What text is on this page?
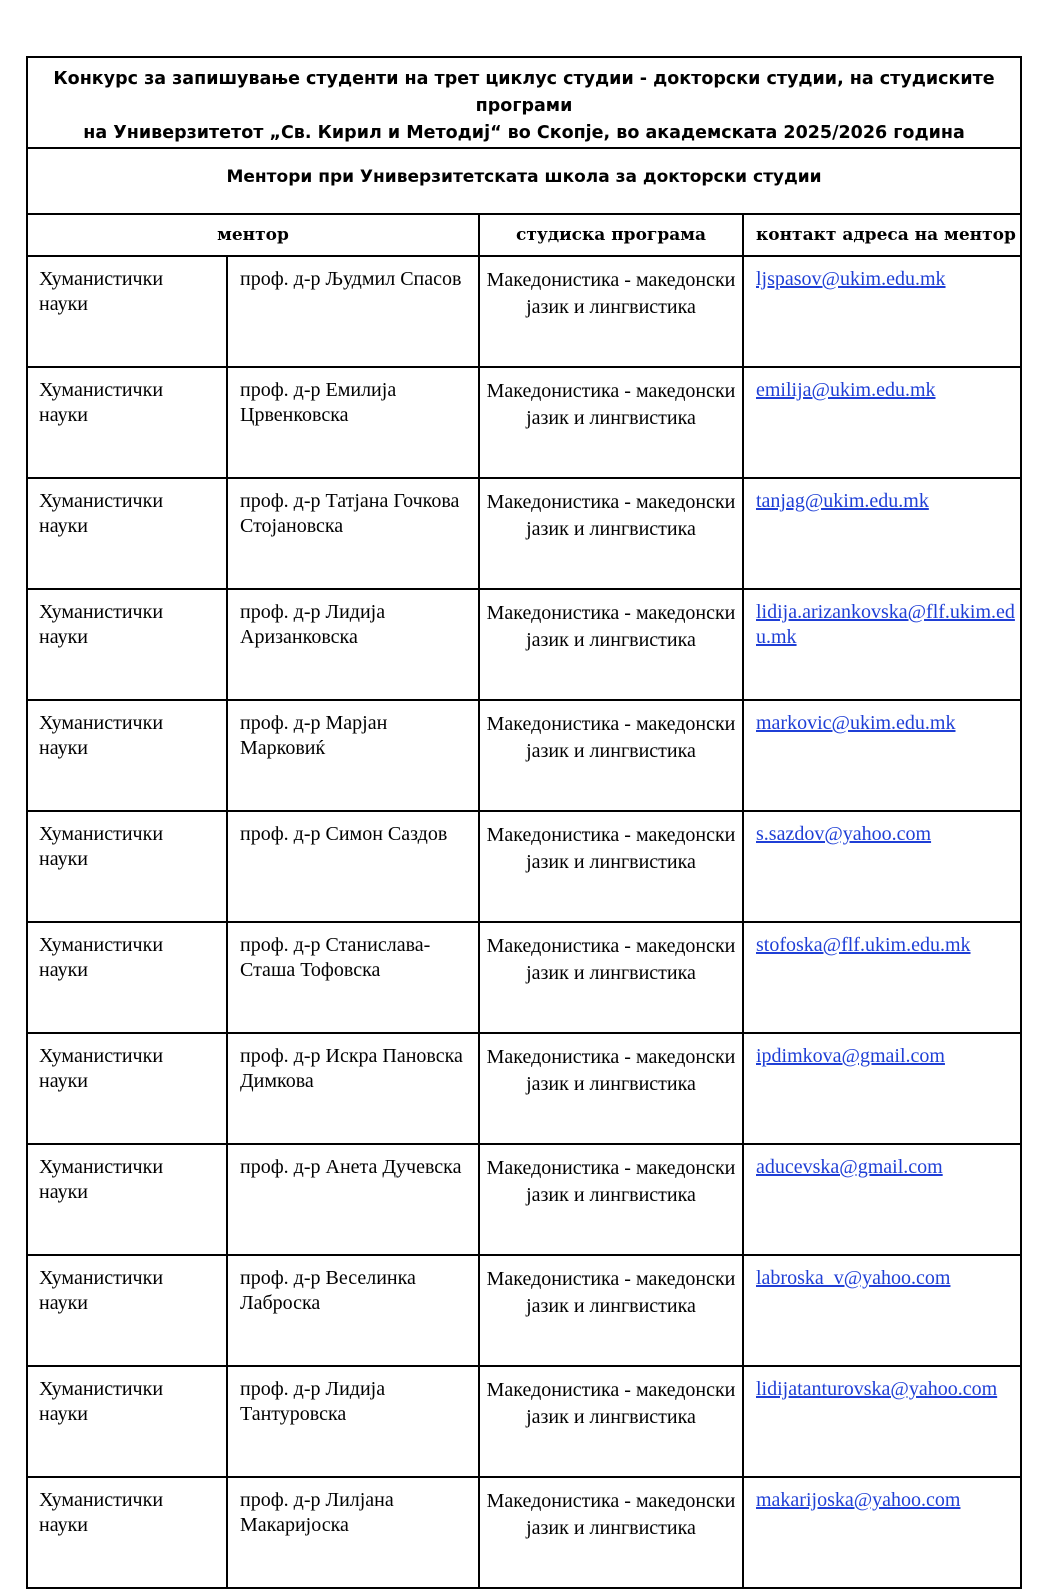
Конкурс за запишување студенти на трет циклус студии - докторски студии, на студиските програми
на Универзитетот „Св. Кирил и Методиј“ во Скопје, во академската 2025/2026 година			
Ментори при Универзитетската школа за докторски студии			
ментор		студиска програма	контакт адреса на ментор
Хуманистички науки	проф. д-р Људмил Спасов	Македонистика - македонски јазик и лингвистика	ljspasov@ukim.edu.mk
Хуманистички науки	проф. д-р Емилија Црвенковска	Македонистика - македонски јазик и лингвистика	emilija@ukim.edu.mk
Хуманистички науки	проф. д-р Татјана Гочкова Стојановска	Македонистика - македонски јазик и лингвистика	tanjag@ukim.edu.mk
Хуманистички науки	проф. д-р Лидија Аризанковска	Македонистика - македонски јазик и лингвистика	lidija.arizankovska@flf.ukim.edu.mk
Хуманистички науки	проф. д-р Марјан Марковиќ	Македонистика - македонски јазик и лингвистика	markovic@ukim.edu.mk
Хуманистички науки	проф. д-р Симон Саздов	Македонистика - македонски јазик и лингвистика	s.sazdov@yahoo.com
Хуманистички науки	проф. д-р Станислава-Сташа Тофовска	Македонистика - македонски јазик и лингвистика	stofoska@flf.ukim.edu.mk
Хуманистички науки	проф. д-р Искра Пановска Димкова	Македонистика - македонски јазик и лингвистика	ipdimkova@gmail.com
Хуманистички науки	проф. д-р Анета Дучевска	Македонистика - македонски јазик и лингвистика	aducevska@gmail.com
Хуманистички науки	проф. д-р Веселинка Лаброска	Македонистика - македонски јазик и лингвистика	labroska_v@yahoo.com
Хуманистички науки	проф. д-р Лидија Тантуровска	Македонистика - македонски јазик и лингвистика	lidijatanturovska@yahoo.com
Хуманистички науки	проф. д-р Лилјана Макаријоска	Македонистика - македонски јазик и лингвистика	makarijoska@yahoo.com
